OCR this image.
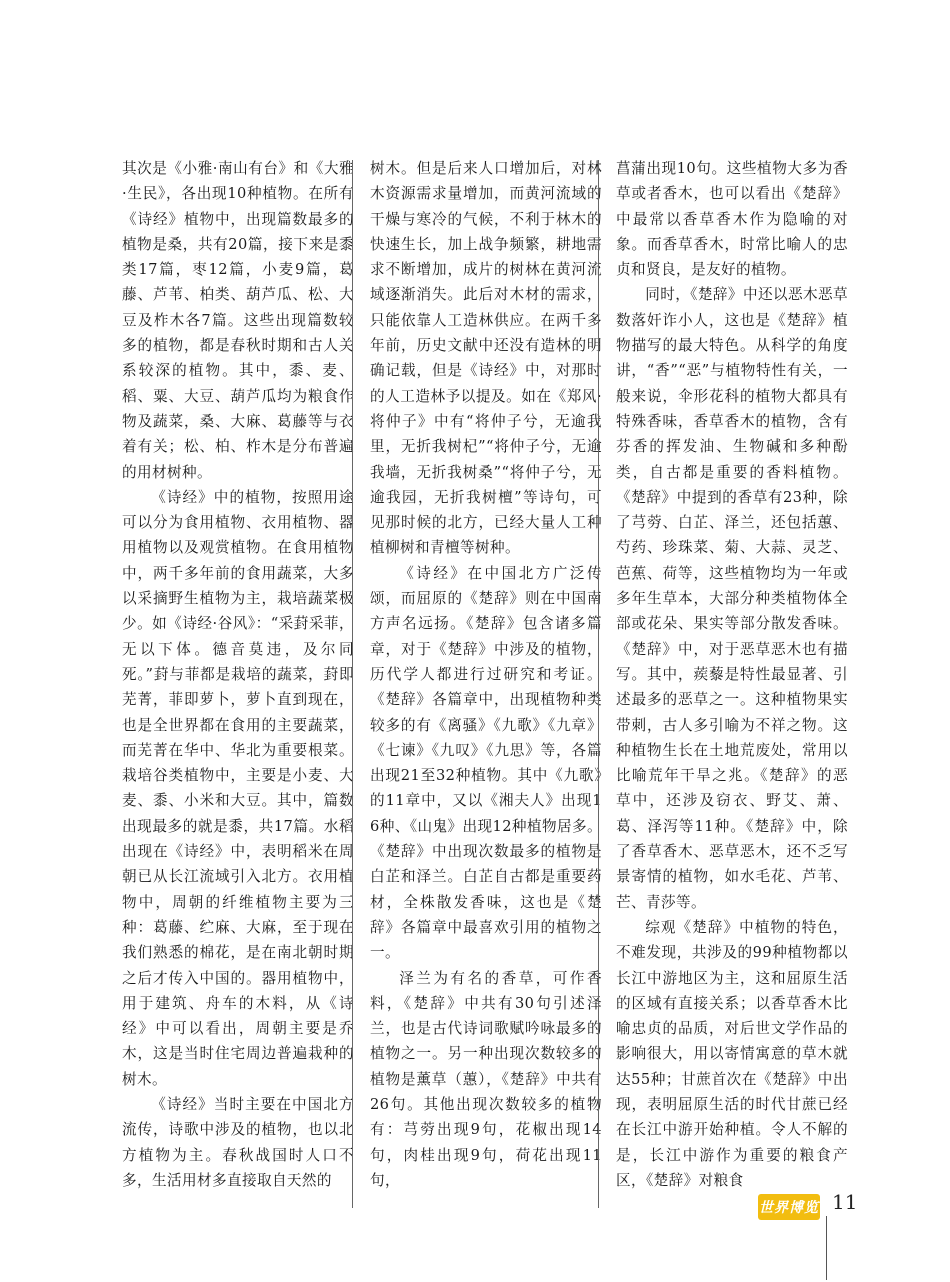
其次是《小雅·南山有台》和《大雅·生民》，各出现10种植物。在所有《诗经》植物中，出现篇数最多的植物是桑，共有20篇，接下来是黍类17篇，枣12篇，小麦9篇，葛藤、芦苇、柏类、葫芦瓜、松、大豆及柞木各7篇。这些出现篇数较多的植物，都是春秋时期和古人关系较深的植物。其中，黍、麦、稻、粟、大豆、葫芦瓜均为粮食作物及蔬菜，桑、大麻、葛藤等与衣着有关；松、柏、柞木是分布普遍的用材树种。

《诗经》中的植物，按照用途可以分为食用植物、衣用植物、器用植物以及观赏植物。在食用植物中，两千多年前的食用蔬菜，大多以采摘野生植物为主，栽培蔬菜极少。如《诗经·谷风》：“采葑采菲，无以下体。德音莫违，及尔同死。”葑与菲都是栽培的蔬菜，葑即芜菁，菲即萝卜，萝卜直到现在，也是全世界都在食用的主要蔬菜，而芜菁在华中、华北为重要根菜。栽培谷类植物中，主要是小麦、大麦、黍、小米和大豆。其中，篇数出现最多的就是黍，共17篇。水稻出现在《诗经》中，表明稻米在周朝已从长江流域引入北方。衣用植物中，周朝的纤维植物主要为三种：葛藤、纻麻、大麻，至于现在我们熟悉的棉花，是在南北朝时期之后才传入中国的。器用植物中，用于建筑、舟车的木料，从《诗经》中可以看出，周朝主要是乔木，这是当时住宅周边普遍栽种的树木。

《诗经》当时主要在中国北方流传，诗歌中涉及的植物，也以北方植物为主。春秋战国时人口不多，生活用材多直接取自天然的

树木。但是后来人口增加后，对林木资源需求量增加，而黄河流域的干燥与寒冷的气候，不利于林木的快速生长，加上战争频繁，耕地需求不断增加，成片的树林在黄河流域逐渐消失。此后对木材的需求，只能依靠人工造林供应。在两千多年前，历史文献中还没有造林的明确记载，但是《诗经》中，对那时的人工造林予以提及。如在《郑风·将仲子》中有“将仲子兮，无逾我里，无折我树杞”“将仲子兮，无逾我墙，无折我树桑”“将仲子兮，无逾我园，无折我树檀”等诗句，可见那时候的北方，已经大量人工种植柳树和青檀等树种。

《诗经》在中国北方广泛传颂，而屈原的《楚辞》则在中国南方声名远扬。《楚辞》包含诸多篇章，对于《楚辞》中涉及的植物，历代学人都进行过研究和考证。《楚辞》各篇章中，出现植物种类较多的有《离骚》《九歌》《九章》《七谏》《九叹》《九思》等，各篇出现21至32种植物。其中《九歌》的11章中，又以《湘夫人》出现16种、《山鬼》出现12种植物居多。《楚辞》中出现次数最多的植物是白芷和泽兰。白芷自古都是重要药材，全株散发香味，这也是《楚辞》各篇章中最喜欢引用的植物之一。

泽兰为有名的香草，可作香料，《楚辞》中共有30句引述泽兰，也是古代诗词歌赋吟咏最多的植物之一。另一种出现次数较多的植物是薰草（蕙），《楚辞》中共有26句。其他出现次数较多的植物有：芎䓖出现9句，花椒出现14句，肉桂出现9句，荷花出现11句，

菖蒲出现10句。这些植物大多为香草或者香木，也可以看出《楚辞》中最常以香草香木作为隐喻的对象。而香草香木，时常比喻人的忠贞和贤良，是友好的植物。

同时，《楚辞》中还以恶木恶草数落奸诈小人，这也是《楚辞》植物描写的最大特色。从科学的角度讲，“香”“恶”与植物特性有关，一般来说，伞形花科的植物大都具有特殊香味，香草香木的植物，含有芬香的挥发油、生物碱和多种酚类，自古都是重要的香料植物。《楚辞》中提到的香草有23种，除了芎䓖、白芷、泽兰，还包括蕙、芍药、珍珠菜、菊、大蒜、灵芝、芭蕉、荷等，这些植物均为一年或多年生草本，大部分种类植物体全部或花朵、果实等部分散发香味。《楚辞》中，对于恶草恶木也有描写。其中，蒺藜是特性最显著、引述最多的恶草之一。这种植物果实带刺，古人多引喻为不祥之物。这种植物生长在土地荒废处，常用以比喻荒年干旱之兆。《楚辞》的恶草中，还涉及窃衣、野艾、萧、葛、泽泻等11种。《楚辞》中，除了香草香木、恶草恶木，还不乏写景寄情的植物，如水毛花、芦苇、芒、青莎等。

综观《楚辞》中植物的特色，不难发现，共涉及的99种植物都以长江中游地区为主，这和屈原生活的区域有直接关系；以香草香木比喻忠贞的品质，对后世文学作品的影响很大，用以寄情寓意的草木就达55种；甘蔗首次在《楚辞》中出现，表明屈原生活的时代甘蔗已经在长江中游开始种植。令人不解的是，长江中游作为重要的粮食产区，《楚辞》对粮食

世界博览 11
